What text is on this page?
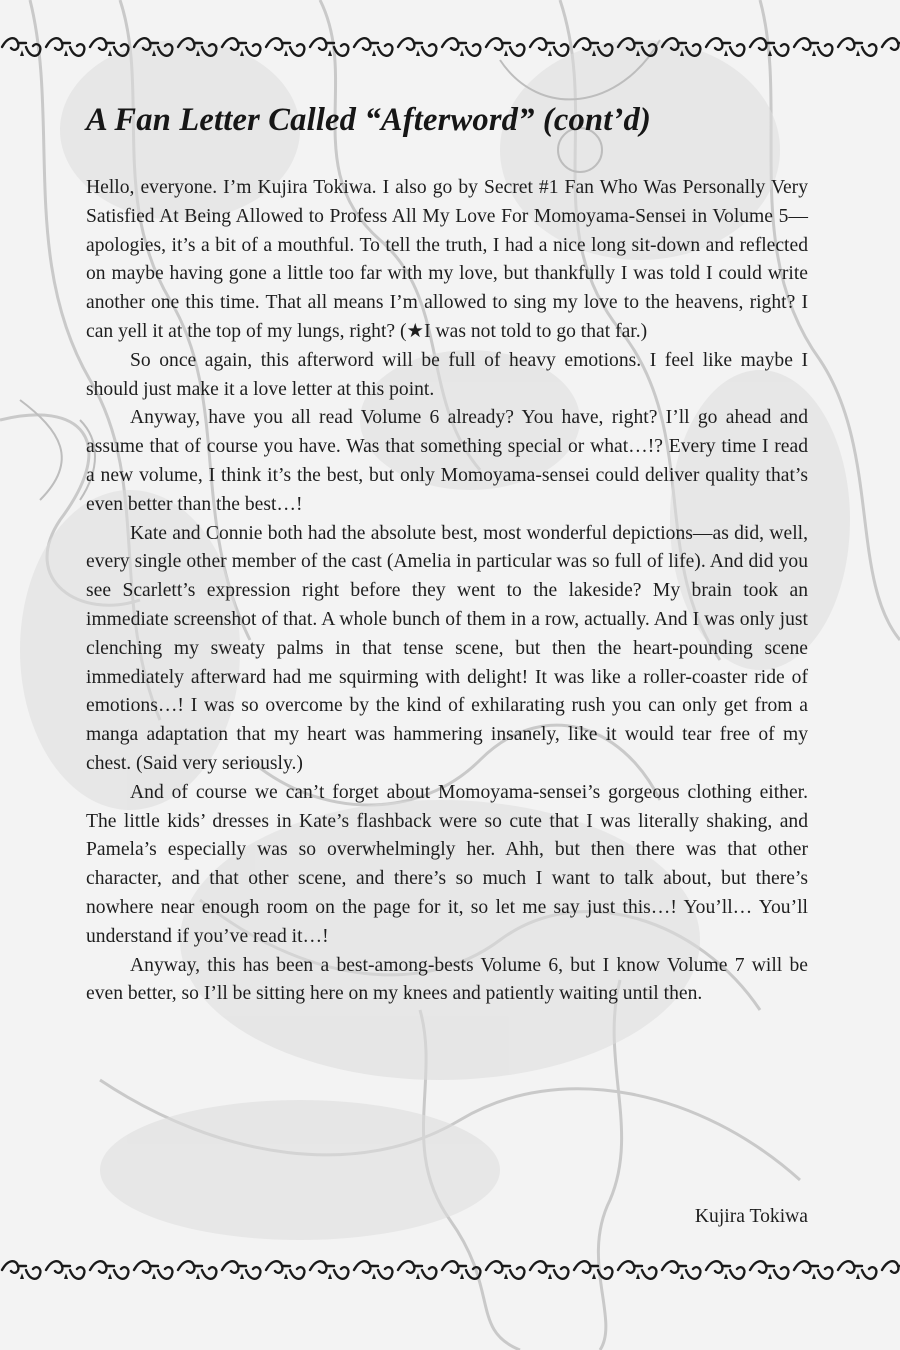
A Fan Letter Called “Afterword” (cont’d)

Hello, everyone. I’m Kujira Tokiwa. I also go by Secret #1 Fan Who Was Personally Very Satisfied At Being Allowed to Profess All My Love For Momoyama-Sensei in Volume 5—apologies, it’s a bit of a mouthful. To tell the truth, I had a nice long sit-down and reflected on maybe having gone a little too far with my love, but thankfully I was told I could write another one this time. That all means I’m allowed to sing my love to the heavens, right? I can yell it at the top of my lungs, right? (★I was not told to go that far.)

So once again, this afterword will be full of heavy emotions. I feel like maybe I should just make it a love letter at this point.

Anyway, have you all read Volume 6 already? You have, right? I’ll go ahead and assume that of course you have. Was that something special or what…!? Every time I read a new volume, I think it’s the best, but only Momoyama-sensei could deliver quality that’s even better than the best…!

Kate and Connie both had the absolute best, most wonderful depictions—as did, well, every single other member of the cast (Amelia in particular was so full of life). And did you see Scarlett’s expression right before they went to the lakeside? My brain took an immediate screenshot of that. A whole bunch of them in a row, actually. And I was only just clenching my sweaty palms in that tense scene, but then the heart-pounding scene immediately afterward had me squirming with delight! It was like a roller-coaster ride of emotions…! I was so overcome by the kind of exhilarating rush you can only get from a manga adaptation that my heart was hammering insanely, like it would tear free of my chest. (Said very seriously.)

And of course we can’t forget about Momoyama-sensei’s gorgeous clothing either. The little kids’ dresses in Kate’s flashback were so cute that I was literally shaking, and Pamela’s especially was so overwhelmingly her. Ahh, but then there was that other character, and that other scene, and there’s so much I want to talk about, but there’s nowhere near enough room on the page for it, so let me say just this…! You’ll… You’ll understand if you’ve read it…!

Anyway, this has been a best-among-bests Volume 6, but I know Volume 7 will be even better, so I’ll be sitting here on my knees and patiently waiting until then.

Kujira Tokiwa
